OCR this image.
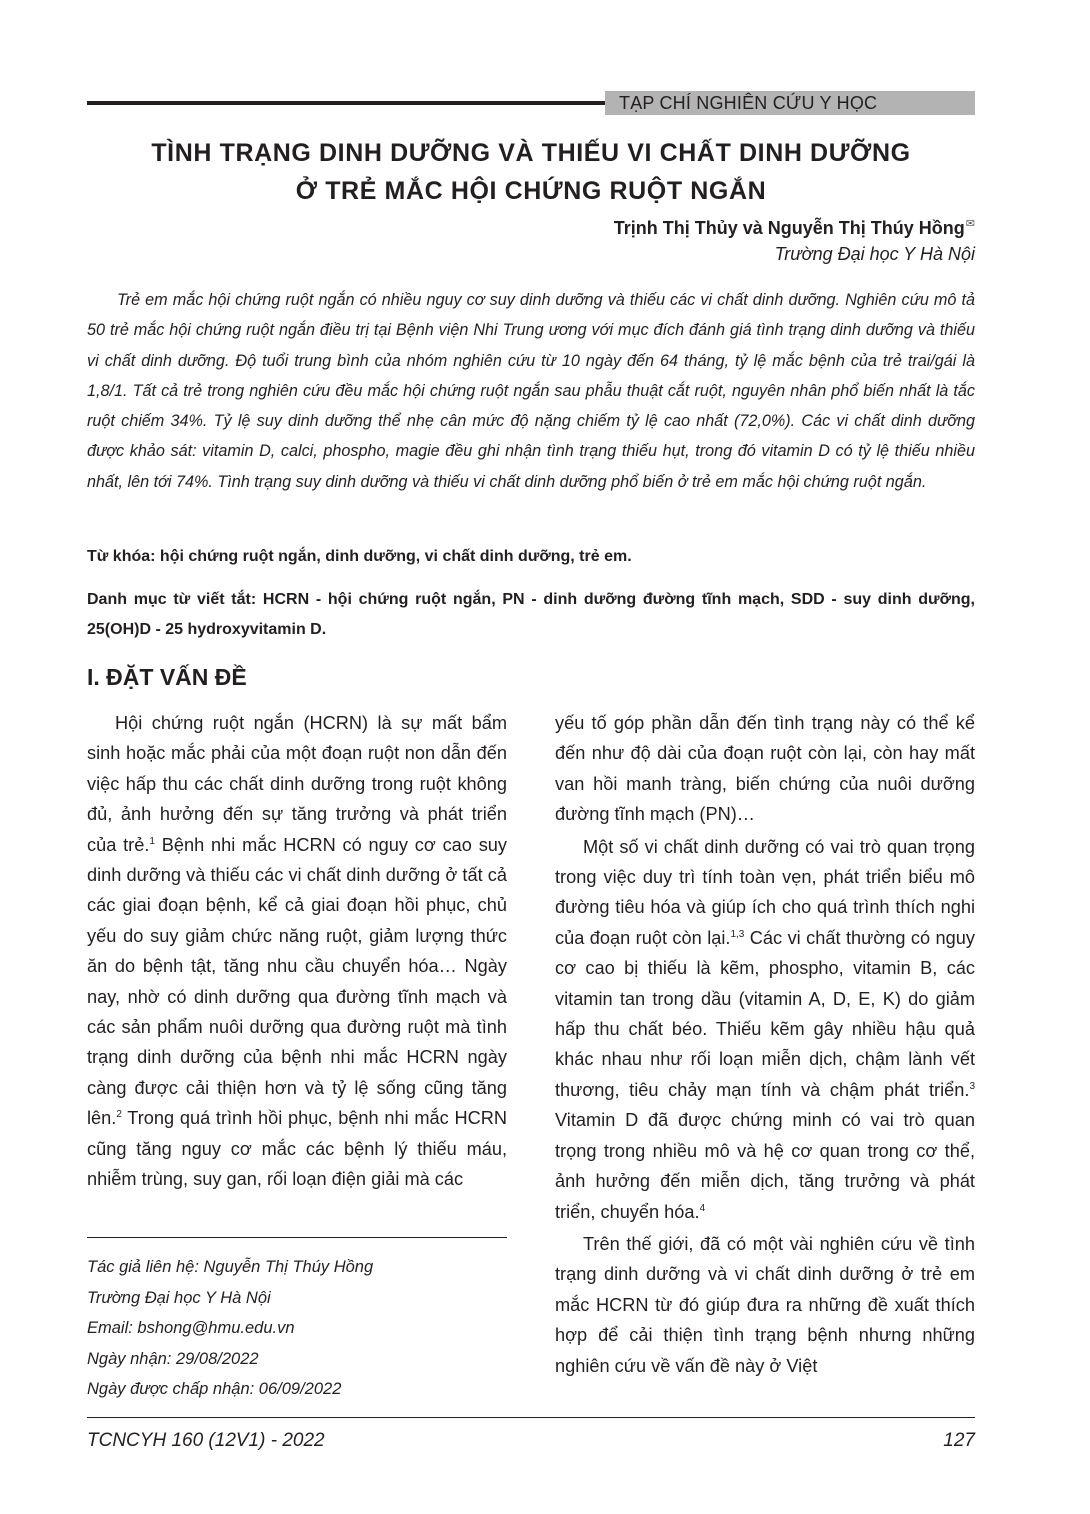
TẠP CHÍ NGHIÊN CỨU Y HỌC
TÌNH TRẠNG DINH DƯỠNG VÀ THIẾU VI CHẤT DINH DƯỠNG
Ở TRẺ MẮC HỘI CHỨNG RUỘT NGẮN
Trịnh Thị Thủy và Nguyễn Thị Thúy Hồng✉
Trường Đại học Y Hà Nội

Trẻ em mắc hội chứng ruột ngắn có nhiều nguy cơ suy dinh dưỡng và thiếu các vi chất dinh dưỡng. Nghiên cứu mô tả 50 trẻ mắc hội chứng ruột ngắn điều trị tại Bệnh viện Nhi Trung ương với mục đích đánh giá tình trạng dinh dưỡng và thiếu vi chất dinh dưỡng. Độ tuổi trung bình của nhóm nghiên cứu từ 10 ngày đến 64 tháng, tỷ lệ mắc bệnh của trẻ trai/gái là 1,8/1. Tất cả trẻ trong nghiên cứu đều mắc hội chứng ruột ngắn sau phẫu thuật cắt ruột, nguyên nhân phổ biến nhất là tắc ruột chiếm 34%. Tỷ lệ suy dinh dưỡng thể nhẹ cân mức độ nặng chiếm tỷ lệ cao nhất (72,0%). Các vi chất dinh dưỡng được khảo sát: vitamin D, calci, phospho, magie đều ghi nhận tình trạng thiếu hụt, trong đó vitamin D có tỷ lệ thiếu nhiều nhất, lên tới 74%. Tình trạng suy dinh dưỡng và thiếu vi chất dinh dưỡng phổ biến ở trẻ em mắc hội chứng ruột ngắn.

Từ khóa: hội chứng ruột ngắn, dinh dưỡng, vi chất dinh dưỡng, trẻ em.

Danh mục từ viết tắt: HCRN - hội chứng ruột ngắn, PN - dinh dưỡng đường tĩnh mạch, SDD - suy dinh dưỡng, 25(OH)D - 25 hydroxyvitamin D.

I. ĐẶT VẤN ĐỀ

Hội chứng ruột ngắn (HCRN) là sự mất bẩm sinh hoặc mắc phải của một đoạn ruột non dẫn đến việc hấp thu các chất dinh dưỡng trong ruột không đủ, ảnh hưởng đến sự tăng trưởng và phát triển của trẻ.$^1$ Bệnh nhi mắc HCRN có nguy cơ cao suy dinh dưỡng và thiếu các vi chất dinh dưỡng ở tất cả các giai đoạn bệnh, kể cả giai đoạn hồi phục, chủ yếu do suy giảm chức năng ruột, giảm lượng thức ăn do bệnh tật, tăng nhu cầu chuyển hóa… Ngày nay, nhờ có dinh dưỡng qua đường tĩnh mạch và các sản phẩm nuôi dưỡng qua đường ruột mà tình trạng dinh dưỡng của bệnh nhi mắc HCRN ngày càng được cải thiện hơn và tỷ lệ sống cũng tăng lên.$^2$ Trong quá trình hồi phục, bệnh nhi mắc HCRN cũng tăng nguy cơ mắc các bệnh lý thiếu máu, nhiễm trùng, suy gan, rối loạn điện giải mà các

yếu tố góp phần dẫn đến tình trạng này có thể kể đến như độ dài của đoạn ruột còn lại, còn hay mất van hồi manh tràng, biến chứng của nuôi dưỡng đường tĩnh mạch (PN)…

Một số vi chất dinh dưỡng có vai trò quan trọng trong việc duy trì tính toàn vẹn, phát triển biểu mô đường tiêu hóa và giúp ích cho quá trình thích nghi của đoạn ruột còn lại.$^{1,3}$ Các vi chất thường có nguy cơ cao bị thiếu là kẽm, phospho, vitamin B, các vitamin tan trong dầu (vitamin A, D, E, K) do giảm hấp thu chất béo. Thiếu kẽm gây nhiều hậu quả khác nhau như rối loạn miễn dịch, chậm lành vết thương, tiêu chảy mạn tính và chậm phát triển.$^3$ Vitamin D đã được chứng minh có vai trò quan trọng trong nhiều mô và hệ cơ quan trong cơ thể, ảnh hưởng đến miễn dịch, tăng trưởng và phát triển, chuyển hóa.$^4$

Trên thế giới, đã có một vài nghiên cứu về tình trạng dinh dưỡng và vi chất dinh dưỡng ở trẻ em mắc HCRN từ đó giúp đưa ra những đề xuất thích hợp để cải thiện tình trạng bệnh nhưng những nghiên cứu về vấn đề này ở Việt

Tác giả liên hệ: Nguyễn Thị Thúy Hồng
Trường Đại học Y Hà Nội
Email: bshong@hmu.edu.vn
Ngày nhận: 29/08/2022
Ngày được chấp nhận: 06/09/2022
TCNCYH 160 (12V1) - 2022	127
